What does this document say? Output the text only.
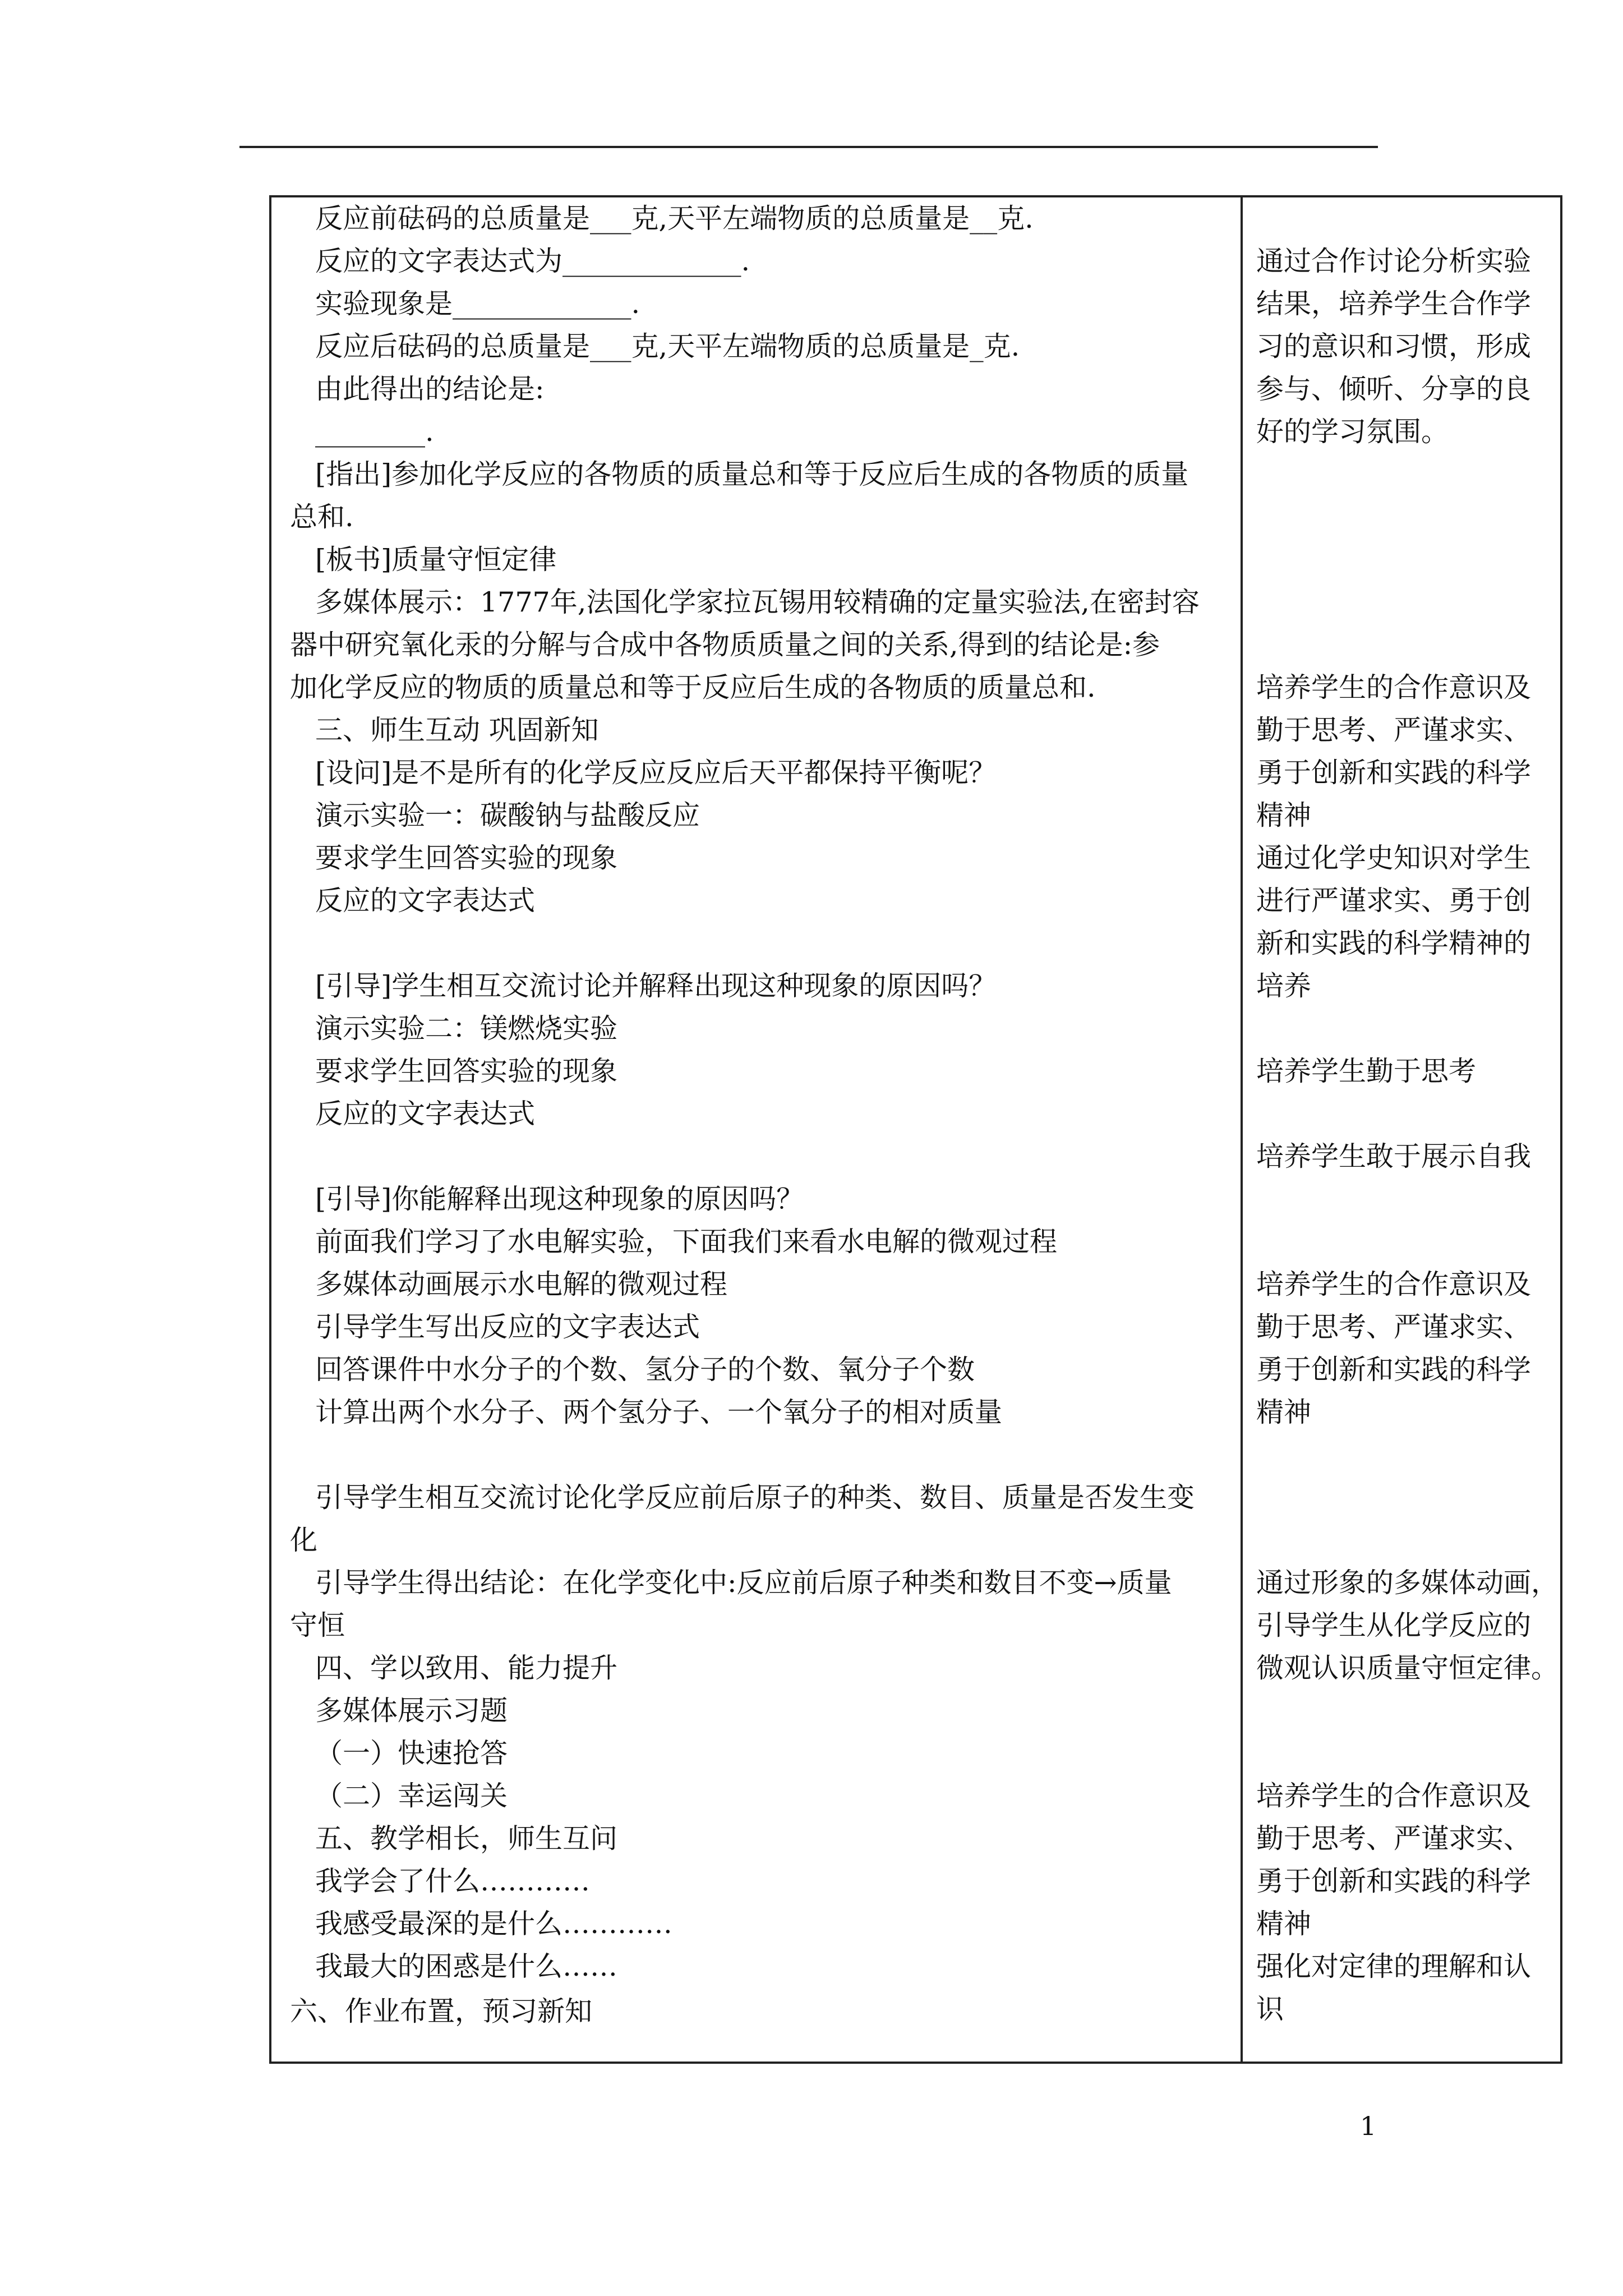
反应前砝码的总质量是___克,天平左端物质的总质量是__克.
反应的文字表达式为_____________.
实验现象是_____________.
反应后砝码的总质量是___克,天平左端物质的总质量是_克.
由此得出的结论是:
________.
[指出]参加化学反应的各物质的质量总和等于反应后生成的各物质的质量
总和.
[板书]质量守恒定律
多媒体展示：1777年,法国化学家拉瓦锡用较精确的定量实验法,在密封容
器中研究氧化汞的分解与合成中各物质质量之间的关系,得到的结论是:参
加化学反应的物质的质量总和等于反应后生成的各物质的质量总和.
三、师生互动 巩固新知
[设问]是不是所有的化学反应反应后天平都保持平衡呢？
演示实验一：碳酸钠与盐酸反应
要求学生回答实验的现象
反应的文字表达式
[引导]学生相互交流讨论并解释出现这种现象的原因吗？
演示实验二：镁燃烧实验
要求学生回答实验的现象
反应的文字表达式
[引导]你能解释出现这种现象的原因吗？
前面我们学习了水电解实验，下面我们来看水电解的微观过程
多媒体动画展示水电解的微观过程
引导学生写出反应的文字表达式
回答课件中水分子的个数、氢分子的个数、氧分子个数
计算出两个水分子、两个氢分子、一个氧分子的相对质量
引导学生相互交流讨论化学反应前后原子的种类、数目、质量是否发生变
化
引导学生得出结论：在化学变化中:反应前后原子种类和数目不变→质量
守恒
四、学以致用、能力提升
多媒体展示习题
（一）快速抢答
（二）幸运闯关
五、教学相长，师生互问
我学会了什么…………
我感受最深的是什么…………
我最大的困惑是什么……
六、作业布置，预习新知
通过合作讨论分析实验
结果，培养学生合作学
习的意识和习惯，形成
参与、倾听、分享的良
好的学习氛围。
培养学生的合作意识及
勤于思考、严谨求实、
勇于创新和实践的科学
精神
通过化学史知识对学生
进行严谨求实、勇于创
新和实践的科学精神的
培养
培养学生勤于思考
培养学生敢于展示自我
培养学生的合作意识及
勤于思考、严谨求实、
勇于创新和实践的科学
精神
通过形象的多媒体动画，
引导学生从化学反应的
微观认识质量守恒定律。
培养学生的合作意识及
勤于思考、严谨求实、
勇于创新和实践的科学
精神
强化对定律的理解和认
识
1
